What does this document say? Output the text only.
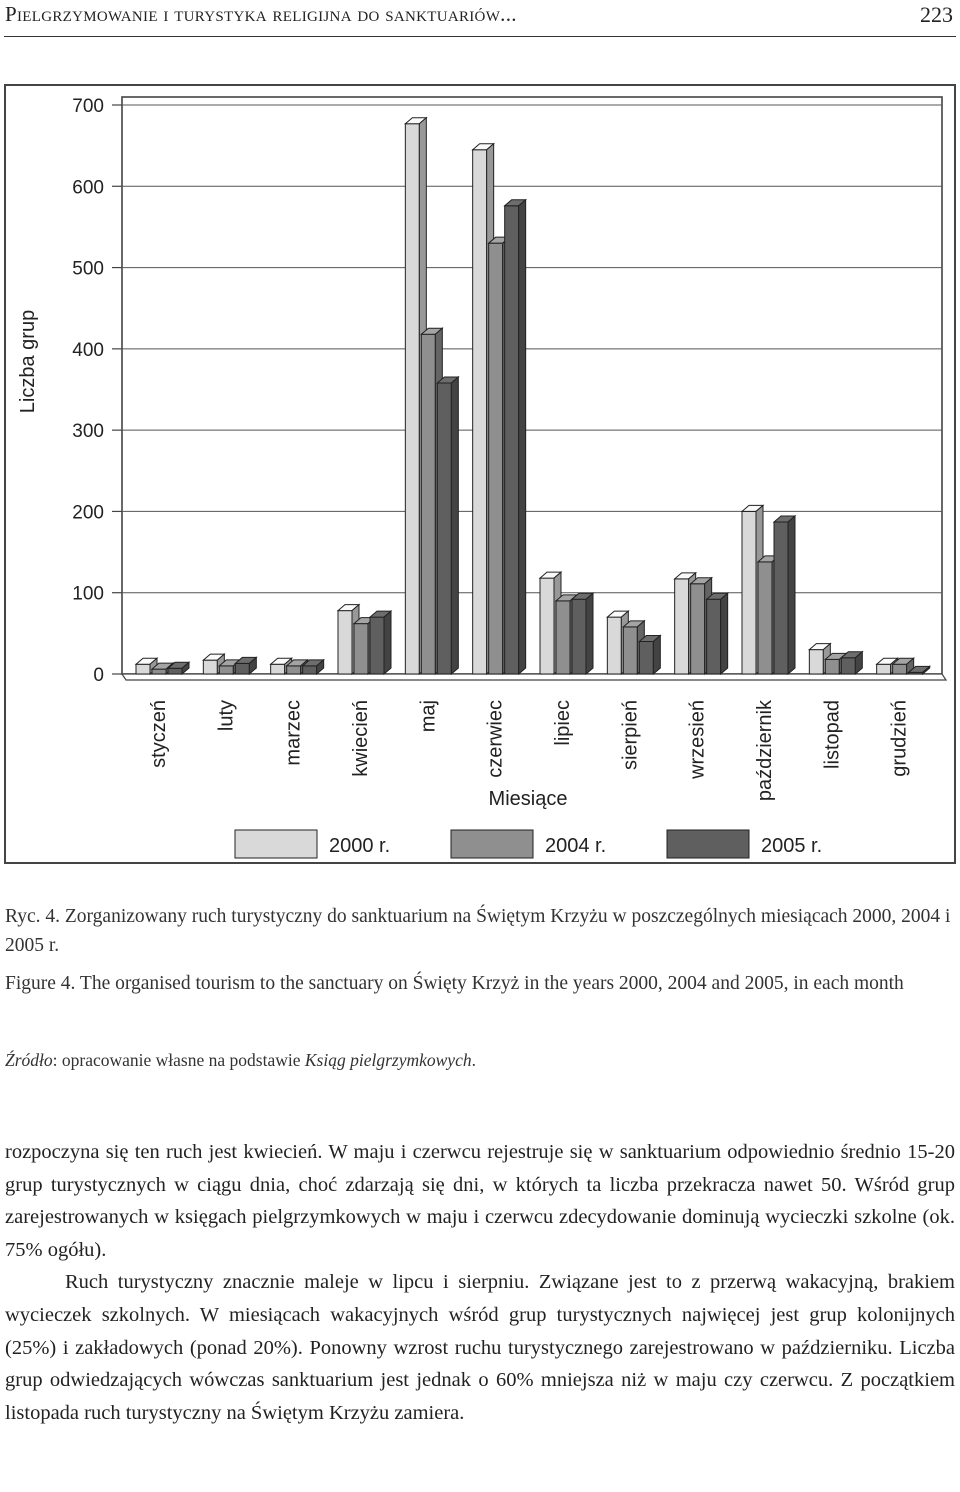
Pielgrzymowanie i turystyka religijna do sanktuariów...	223
0
100
200
300
400
500
600
700
Liczba grup
styczeń luty marzec kwiecień maj czerwiec lipiec sierpień wrzesień październik listopad grudzień
Miesiące
2000 r.	2004 r.	2005 r.
Ryc. 4. Zorganizowany ruch turystyczny do sanktuarium na Świętym Krzyżu w poszczególnych miesiącach 2000, 2004 i 2005 r.
Figure 4. The organised tourism to the sanctuary on Święty Krzyż in the years 2000, 2004 and 2005, in each month
Źródło: opracowanie własne na podstawie Ksiąg pielgrzymkowych.

rozpoczyna się ten ruch jest kwiecień. W maju i czerwcu rejestruje się w sanktuarium odpowiednio średnio 15-20 grup turystycznych w ciągu dnia, choć zdarzają się dni, w których ta liczba przekracza nawet 50. Wśród grup zarejestrowanych w księgach pielgrzymkowych w maju i czerwcu zdecydowanie dominują wycieczki szkolne (ok. 75% ogółu).

Ruch turystyczny znacznie maleje w lipcu i sierpniu. Związane jest to z przerwą wakacyjną, brakiem wycieczek szkolnych. W miesiącach wakacyjnych wśród grup turystycznych najwięcej jest grup kolonijnych (25%) i zakładowych (ponad 20%). Ponowny wzrost ruchu turystycznego zarejestrowano w październiku. Liczba grup odwiedzających wówczas sanktuarium jest jednak o 60% mniejsza niż w maju czy czerwcu. Z początkiem listopada ruch turystyczny na Świętym Krzyżu zamiera.
